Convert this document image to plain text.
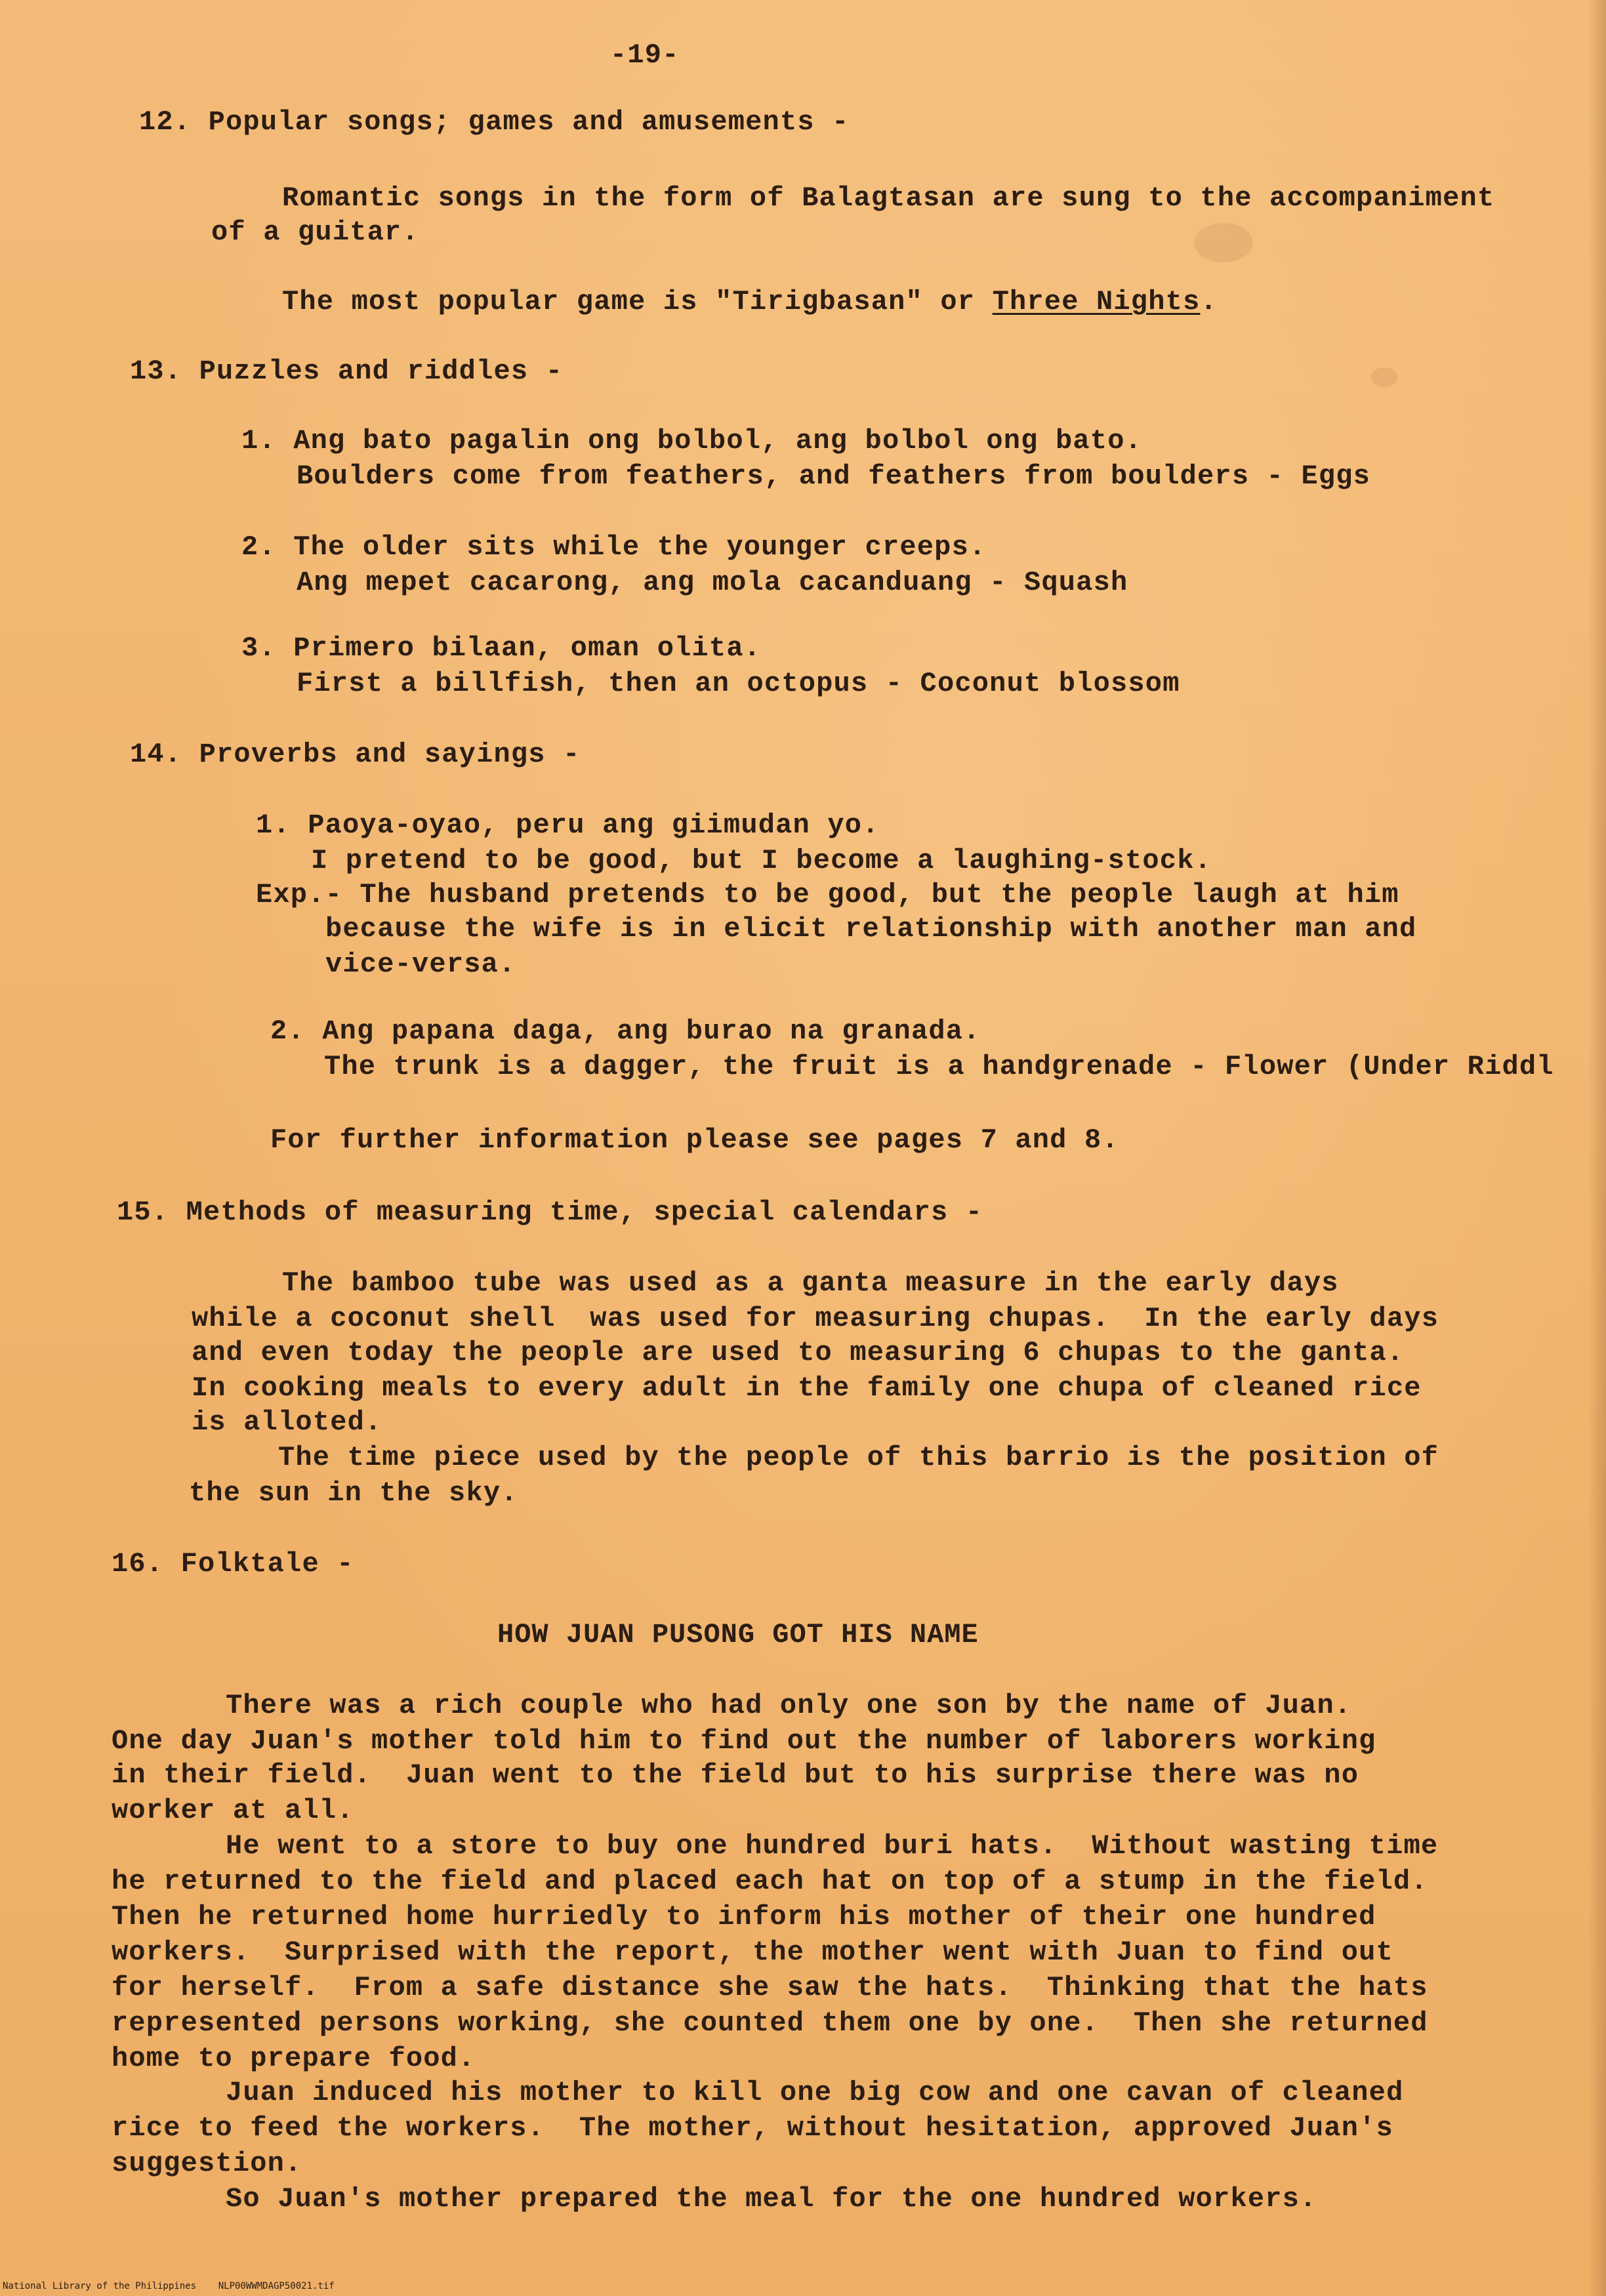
-19-
12. Popular songs; games and amusements -
Romantic songs in the form of Balagtasan are sung to the accompaniment
of a guitar.
The most popular game is "Tirigbasan" or Three Nights.
13. Puzzles and riddles -
1. Ang bato pagalin ong bolbol, ang bolbol ong bato.
Boulders come from feathers, and feathers from boulders - Eggs
2. The older sits while the younger creeps.
Ang mepet cacarong, ang mola cacanduang - Squash
3. Primero bilaan, oman olita.
First a billfish, then an octopus - Coconut blossom
14. Proverbs and sayings -
1. Paoya-oyao, peru ang giimudan yo.
I pretend to be good, but I become a laughing-stock.
Exp.- The husband pretends to be good, but the people laugh at him
because the wife is in elicit relationship with another man and
vice-versa.
2. Ang papana daga, ang burao na granada.
The trunk is a dagger, the fruit is a handgrenade - Flower (Under Riddl
For further information please see pages 7 and 8.
15. Methods of measuring time, special calendars -
The bamboo tube was used as a ganta measure in the early days
while a coconut shell  was used for measuring chupas.  In the early days
and even today the people are used to measuring 6 chupas to the ganta.
In cooking meals to every adult in the family one chupa of cleaned rice
is alloted.
The time piece used by the people of this barrio is the position of
the sun in the sky.
16. Folktale -
HOW JUAN PUSONG GOT HIS NAME
There was a rich couple who had only one son by the name of Juan.
One day Juan's mother told him to find out the number of laborers working
in their field.  Juan went to the field but to his surprise there was no
worker at all.
He went to a store to buy one hundred buri hats.  Without wasting time
he returned to the field and placed each hat on top of a stump in the field.
Then he returned home hurriedly to inform his mother of their one hundred
workers.  Surprised with the report, the mother went with Juan to find out
for herself.  From a safe distance she saw the hats.  Thinking that the hats
represented persons working, she counted them one by one.  Then she returned
home to prepare food.
Juan induced his mother to kill one big cow and one cavan of cleaned
rice to feed the workers.  The mother, without hesitation, approved Juan's
suggestion.
So Juan's mother prepared the meal for the one hundred workers.
National Library of the Philippines    NLP00WWMDAGP50021.tif
